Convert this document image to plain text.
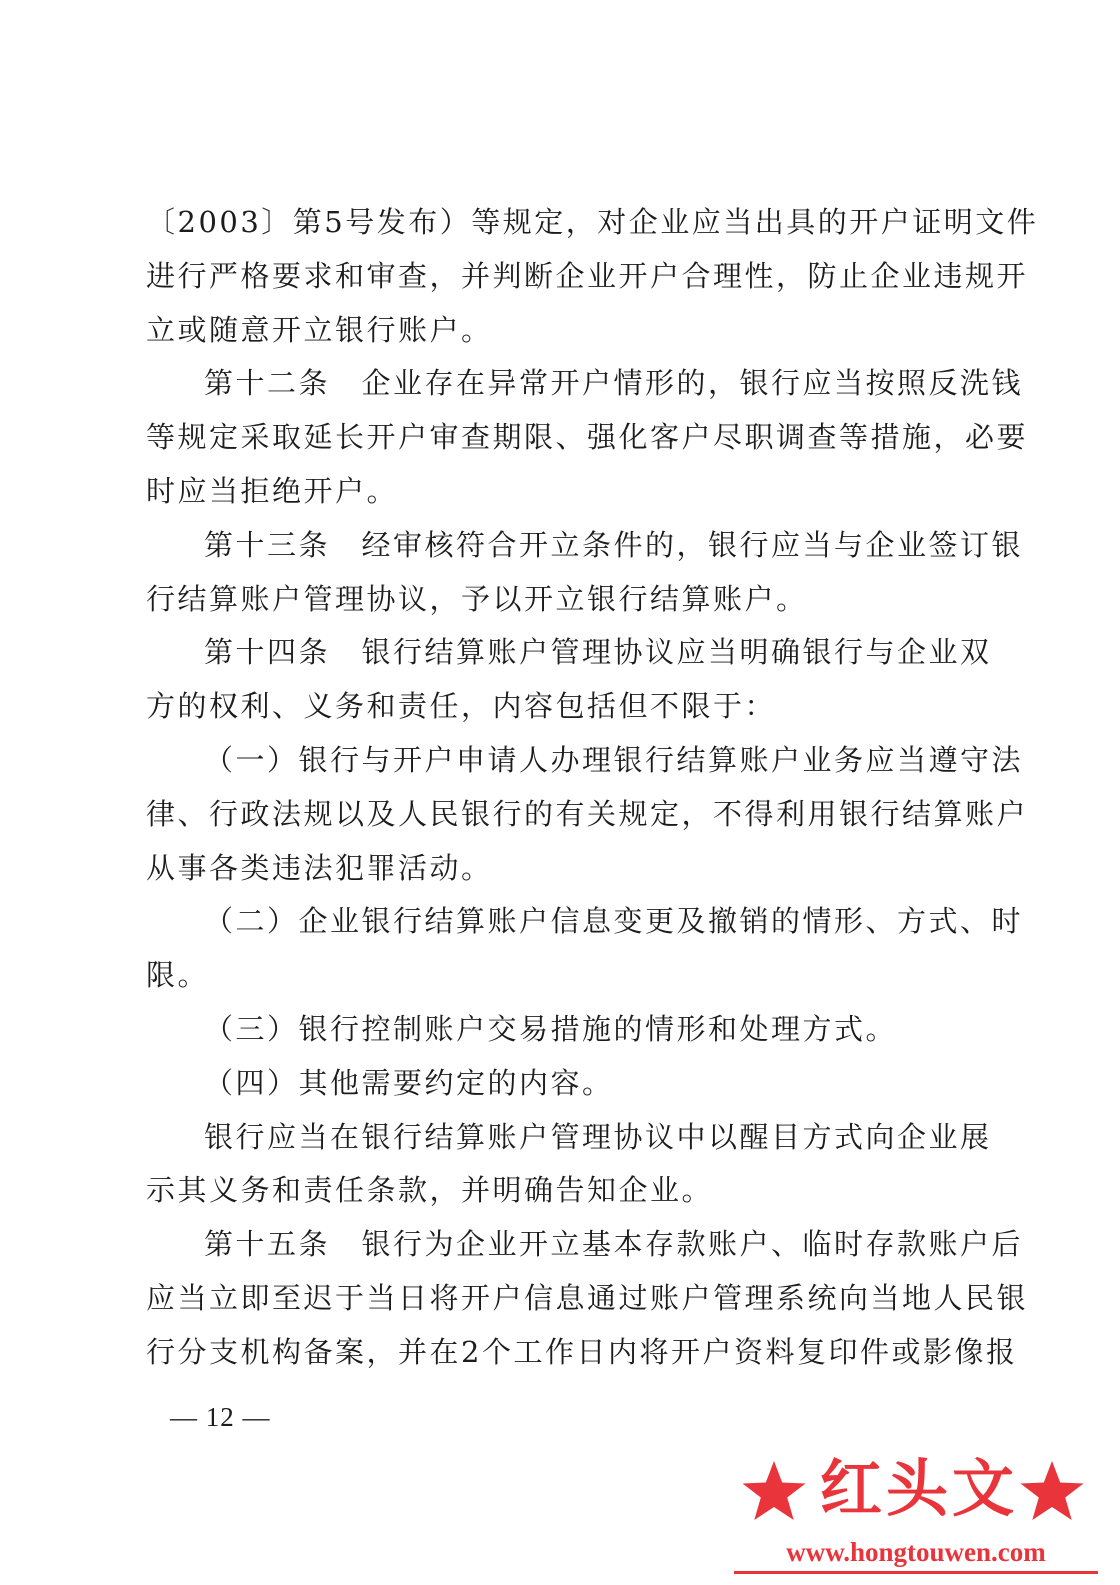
〔2003〕第5号发布）等规定，对企业应当出具的开户证明文件
进行严格要求和审查，并判断企业开户合理性，防止企业违规开
立或随意开立银行账户。
第十二条　企业存在异常开户情形的，银行应当按照反洗钱
等规定采取延长开户审查期限、强化客户尽职调查等措施，必要
时应当拒绝开户。
第十三条　经审核符合开立条件的，银行应当与企业签订银
行结算账户管理协议，予以开立银行结算账户。
第十四条　银行结算账户管理协议应当明确银行与企业双
方的权利、义务和责任，内容包括但不限于：
（一）银行与开户申请人办理银行结算账户业务应当遵守法
律、行政法规以及人民银行的有关规定，不得利用银行结算账户
从事各类违法犯罪活动。
（二）企业银行结算账户信息变更及撤销的情形、方式、时
限。
（三）银行控制账户交易措施的情形和处理方式。
（四）其他需要约定的内容。
银行应当在银行结算账户管理协议中以醒目方式向企业展
示其义务和责任条款，并明确告知企业。
第十五条　银行为企业开立基本存款账户、临时存款账户后
应当立即至迟于当日将开户信息通过账户管理系统向当地人民银
行分支机构备案，并在2个工作日内将开户资料复印件或影像报
— 12 —
红头文
www.hongtouwen.com
